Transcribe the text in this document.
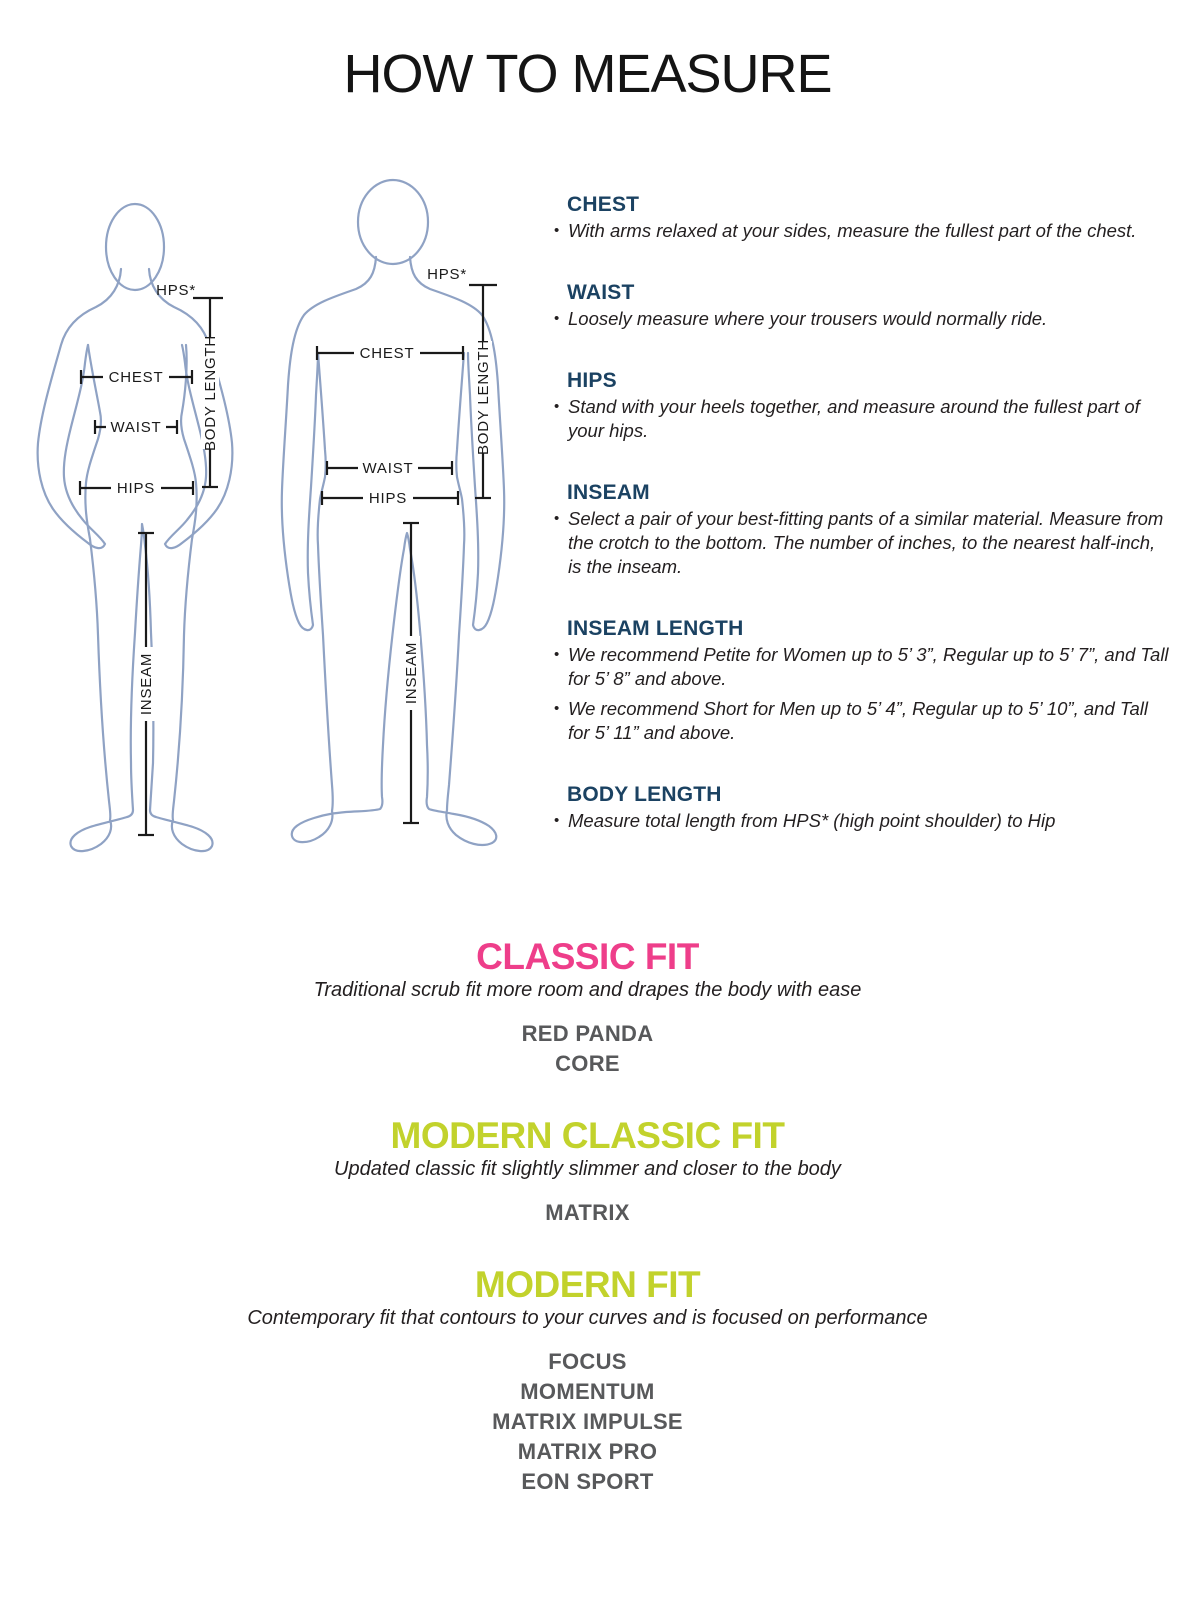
HOW TO MEASURE
HPS*
BODY LENGTH
CHEST
WAIST
HIPS
INSEAM
HPS*
BODY LENGTH
CHEST
WAIST
HIPS
INSEAM
CHEST
• With arms relaxed at your sides, measure the fullest part of the chest.
WAIST
• Loosely measure where your trousers would normally ride.
HIPS
• Stand with your heels together, and measure around the fullest part of your hips.
INSEAM
• Select a pair of your best-fitting pants of a similar material. Measure from the crotch to the bottom. The number of inches, to the nearest half-inch, is the inseam.
INSEAM LENGTH
• We recommend Petite for Women up to 5’ 3”, Regular up to 5’ 7”, and Tall for 5’ 8” and above.
• We recommend Short for Men up to 5’ 4”, Regular up to 5’ 10”, and Tall for 5’ 11” and above.
BODY LENGTH
• Measure total length from HPS* (high point shoulder) to Hip
CLASSIC FIT
Traditional scrub fit more room and drapes the body with ease
RED PANDA
CORE
MODERN CLASSIC FIT
Updated classic fit slightly slimmer and closer to the body
MATRIX
MODERN FIT
Contemporary fit that contours to your curves and is focused on performance
FOCUS
MOMENTUM
MATRIX IMPULSE
MATRIX PRO
EON SPORT
